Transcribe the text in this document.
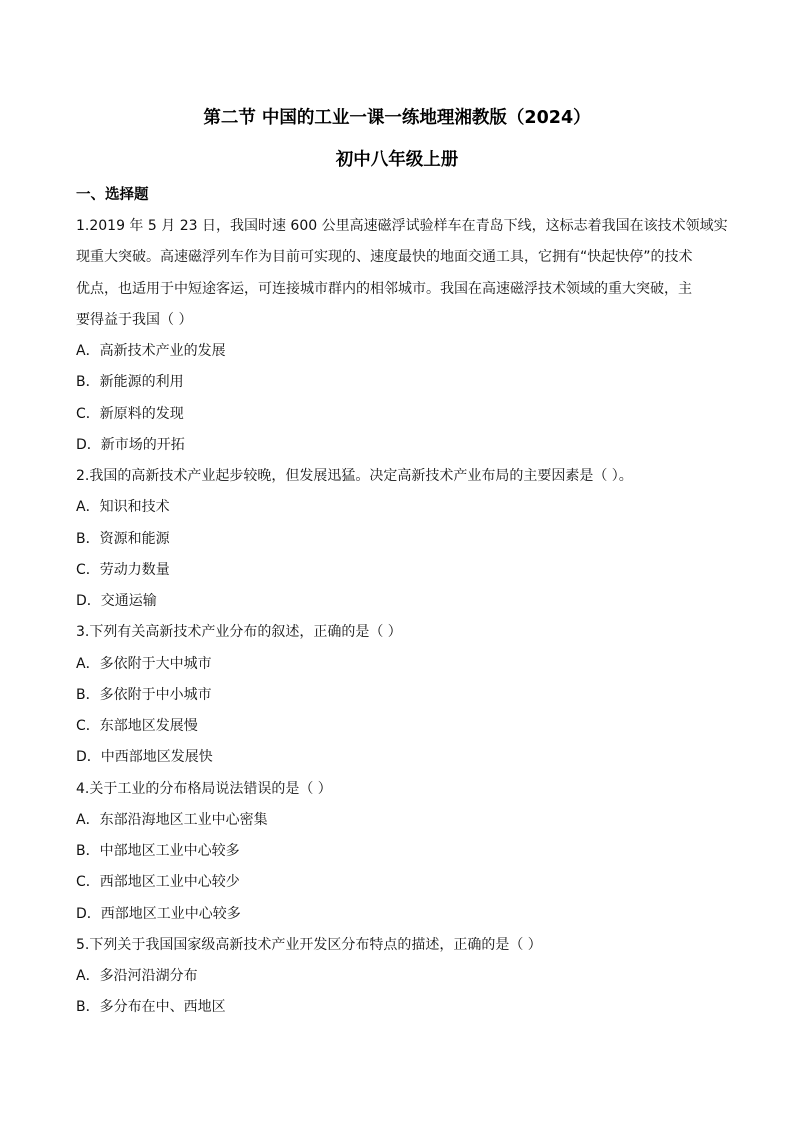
第二节 中国的工业一课一练地理湘教版（2024）
初中八年级上册
一、选择题
1.2019 年 5 月 23 日，我国时速 600 公里高速磁浮试验样车在青岛下线，这标志着我国在该技术领域实
现重大突破。高速磁浮列车作为目前可实现的、速度最快的地面交通工具，它拥有“快起快停”的技术
优点，也适用于中短途客运，可连接城市群内的相邻城市。我国在高速磁浮技术领域的重大突破，主
要得益于我国（ ）
A．高新技术产业的发展
B．新能源的利用
C．新原料的发现
D．新市场的开拓
2.我国的高新技术产业起步较晚，但发展迅猛。决定高新技术产业布局的主要因素是（ ）。
A．知识和技术
B．资源和能源
C．劳动力数量
D．交通运输
3.下列有关高新技术产业分布的叙述，正确的是（ ）
A．多依附于大中城市
B．多依附于中小城市
C．东部地区发展慢
D．中西部地区发展快
4.关于工业的分布格局说法错误的是（ ）
A．东部沿海地区工业中心密集
B．中部地区工业中心较多
C．西部地区工业中心较少
D．西部地区工业中心较多
5.下列关于我国国家级高新技术产业开发区分布特点的描述，正确的是（ ）
A．多沿河沿湖分布
B．多分布在中、西地区
